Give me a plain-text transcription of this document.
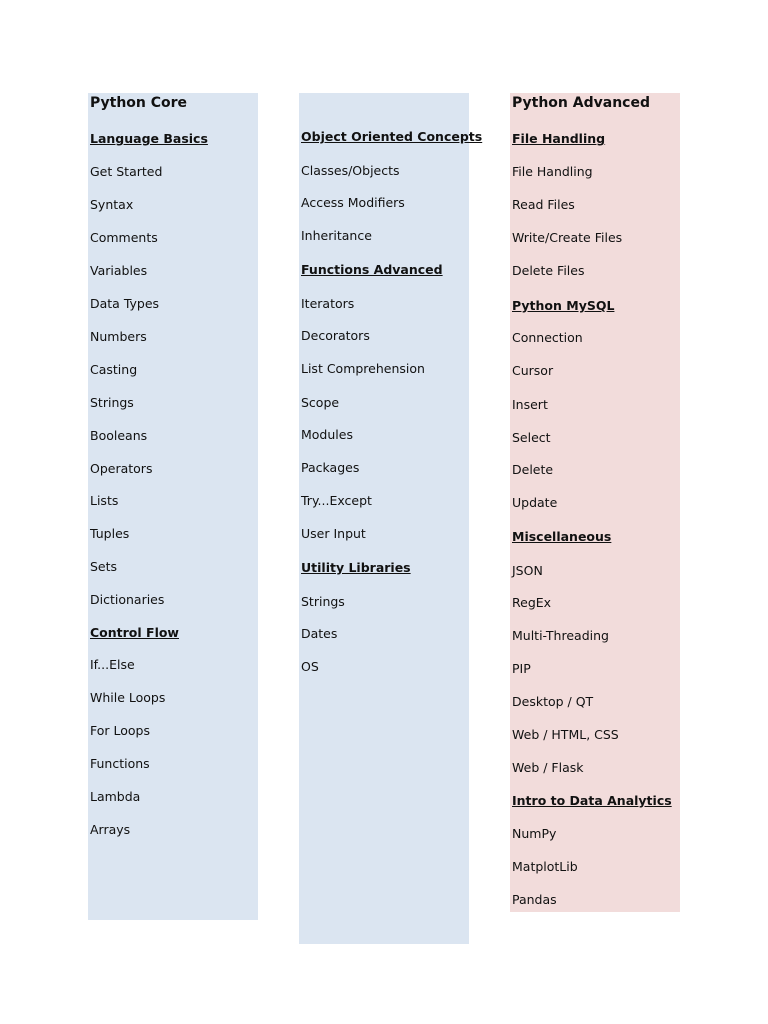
Python Core
Language Basics
Get Started
Syntax
Comments
Variables
Data Types
Numbers
Casting
Strings
Booleans
Operators
Lists
Tuples
Sets
Dictionaries
Control Flow
If...Else
While Loops
For Loops
Functions
Lambda
Arrays
Object Oriented Concepts
Classes/Objects
Access Modifiers
Inheritance
Functions Advanced
Iterators
Decorators
List Comprehension
Scope
Modules
Packages
Try...Except
User Input
Utility Libraries
Strings
Dates
OS
Python Advanced
File Handling
File Handling
Read Files
Write/Create Files
Delete Files
Python MySQL
Connection
Cursor
Insert
Select
Delete
Update
Miscellaneous
JSON
RegEx
Multi-Threading
PIP
Desktop / QT
Web / HTML, CSS
Web / Flask
Intro to Data Analytics
NumPy
MatplotLib
Pandas
